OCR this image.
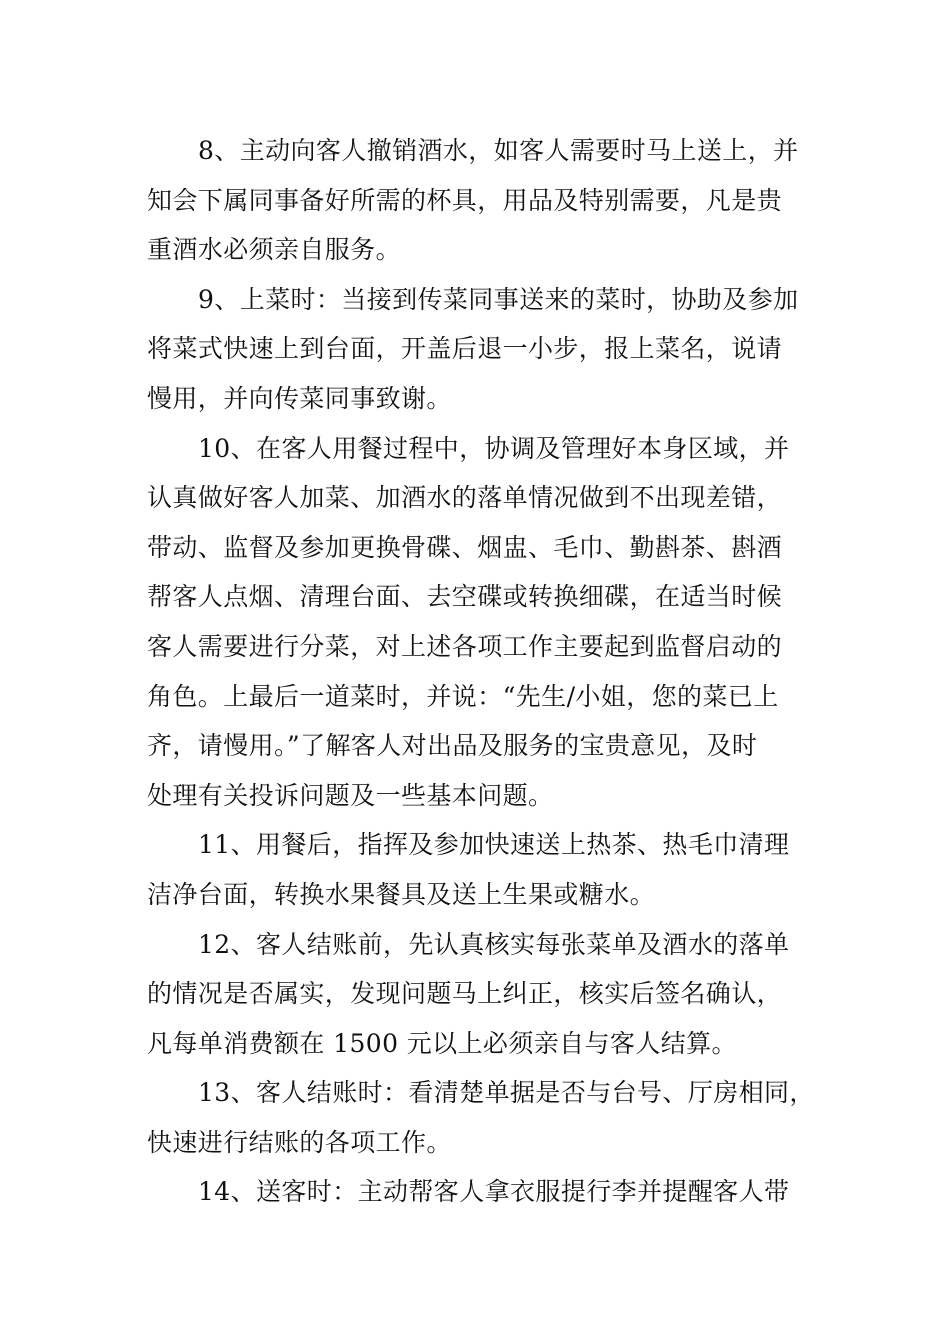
8、主动向客人撤销酒水，如客人需要时马上送上，并
知会下属同事备好所需的杯具，用品及特别需要，凡是贵
重酒水必须亲自服务。

9、上菜时：当接到传菜同事送来的菜时，协助及参加
将菜式快速上到台面，开盖后退一小步，报上菜名，说请
慢用，并向传菜同事致谢。

10、在客人用餐过程中，协调及管理好本身区域，并
认真做好客人加菜、加酒水的落单情况做到不出现差错，
带动、监督及参加更换骨碟、烟盅、毛巾、勤斟茶、斟酒
帮客人点烟、清理台面、去空碟或转换细碟，在适当时候
客人需要进行分菜，对上述各项工作主要起到监督启动的
角色。上最后一道菜时，并说：“先生/小姐，您的菜已上
齐，请慢用。”了解客人对出品及服务的宝贵意见，及时
处理有关投诉问题及一些基本问题。

11、用餐后，指挥及参加快速送上热茶、热毛巾清理
洁净台面，转换水果餐具及送上生果或糖水。

12、客人结账前，先认真核实每张菜单及酒水的落单
的情况是否属实，发现问题马上纠正，核实后签名确认，
凡每单消费额在 1500 元以上必须亲自与客人结算。

13、客人结账时：看清楚单据是否与台号、厅房相同，
快速进行结账的各项工作。

14、送客时：主动帮客人拿衣服提行李并提醒客人带
